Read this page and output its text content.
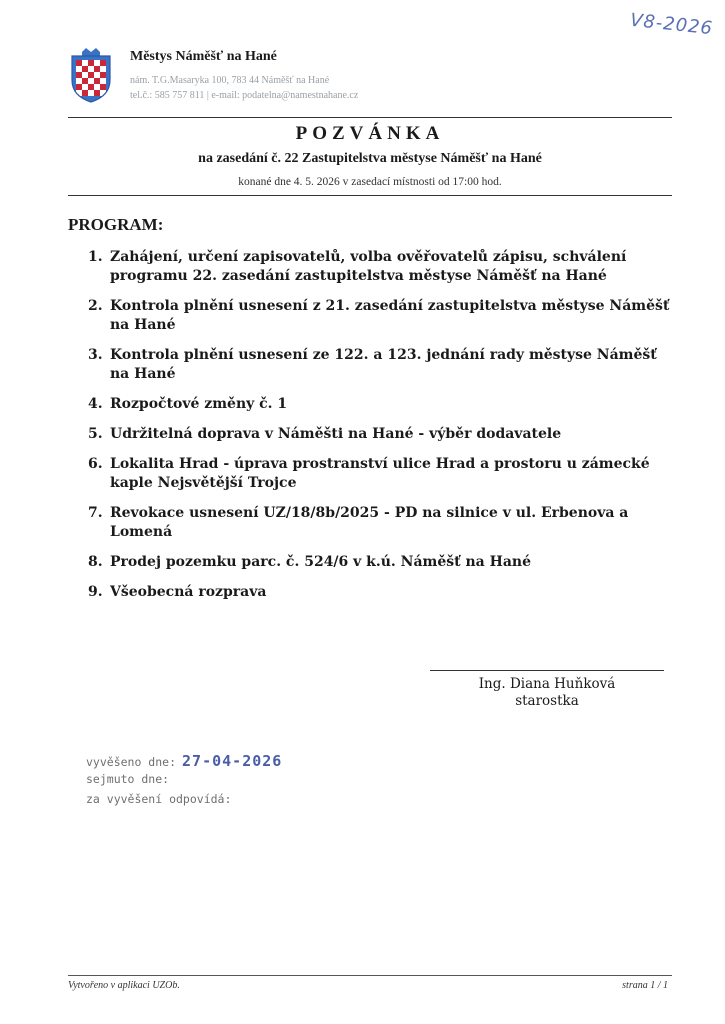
V8-2026
Městys Náměšť na Hané
nám. T.G.Masaryka 100, 783 44 Náměšť na Hané
tel.č.: 585 757 811 | e-mail: podatelna@namestnahane.cz
POZVÁNKA
na zasedání č. 22 Zastupitelstva městyse Náměšť na Hané
konané dne 4. 5. 2026 v zasedací místnosti od 17:00 hod.
PROGRAM:
1. Zahájení, určení zapisovatelů, volba ověřovatelů zápisu, schválení programu 22. zasedání zastupitelstva městyse Náměšť na Hané
2. Kontrola plnění usnesení z 21. zasedání zastupitelstva městyse Náměšť na Hané
3. Kontrola plnění usnesení ze 122. a 123. jednání rady městyse Náměšť na Hané
4. Rozpočtové změny č. 1
5. Udržitelná doprava v Náměšti na Hané - výběr dodavatele
6. Lokalita Hrad - úprava prostranství ulice Hrad a prostoru u zámecké kaple Nejsvětější Trojce
7. Revokace usnesení UZ/18/8b/2025 - PD na silnice v ul. Erbenova a Lomená
8. Prodej pozemku parc. č. 524/6 v k.ú. Náměšť na Hané
9. Všeobecná rozprava
Ing. Diana Huňková
starostka
vyvěšeno dne: 27-04-2026
sejmuto dne:
za vyvěšení odpovídá:
Vytvořeno v aplikaci UZOb.	strana 1 / 1
